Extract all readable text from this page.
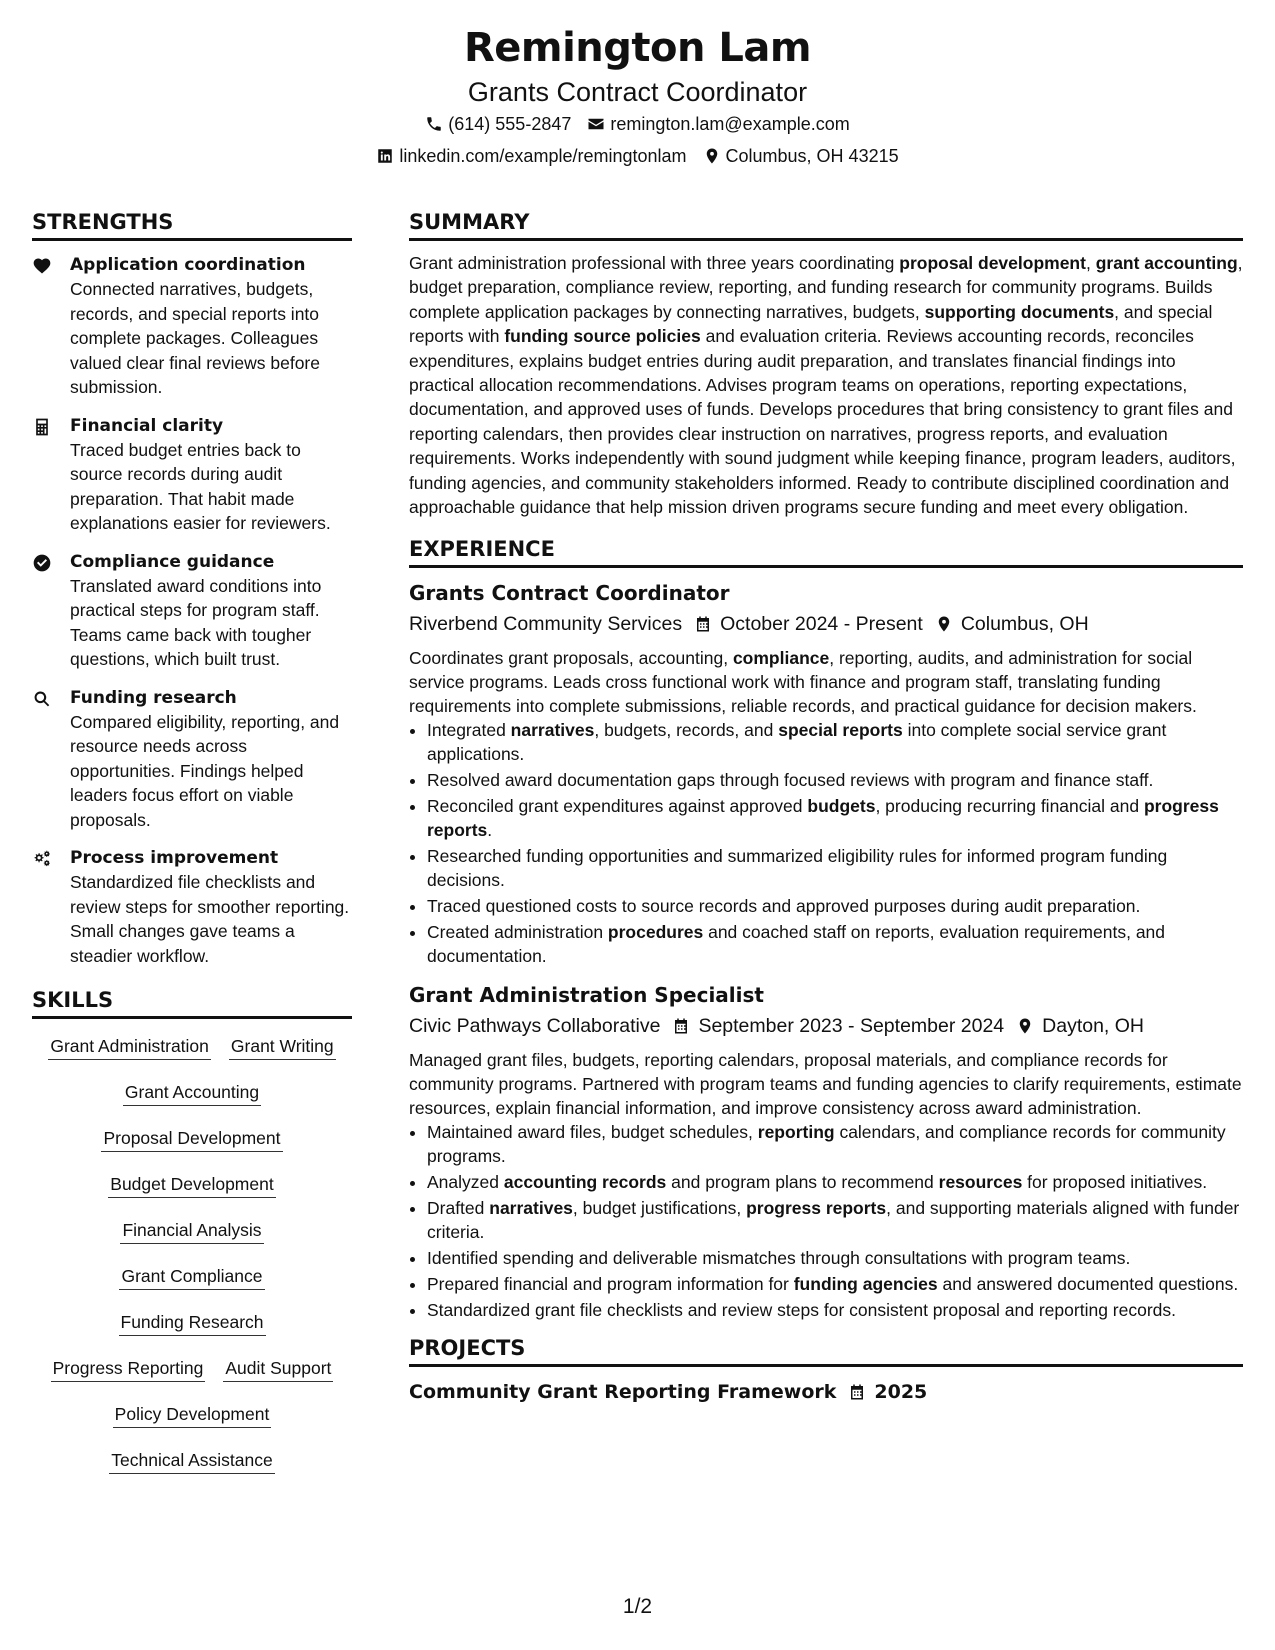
Remington Lam
Grants Contract Coordinator
(614) 555-2847 remington.lam@example.com
linkedin.com/example/remingtonlam Columbus, OH 43215
STRENGTHS
Application coordination
Connected narratives, budgets, records, and special reports into complete packages. Colleagues valued clear final reviews before submission.
Financial clarity
Traced budget entries back to source records during audit preparation. That habit made explanations easier for reviewers.
Compliance guidance
Translated award conditions into practical steps for program staff. Teams came back with tougher questions, which built trust.
Funding research
Compared eligibility, reporting, and resource needs across opportunities. Findings helped leaders focus effort on viable proposals.
Process improvement
Standardized file checklists and review steps for smoother reporting. Small changes gave teams a steadier workflow.
SKILLS
Grant Administration Grant Writing
Grant Accounting
Proposal Development
Budget Development
Financial Analysis
Grant Compliance
Funding Research
Progress Reporting Audit Support
Policy Development
Technical Assistance
SUMMARY

Grant administration professional with three years coordinating proposal development, grant accounting, budget preparation, compliance review, reporting, and funding research for community programs. Builds complete application packages by connecting narratives, budgets, supporting documents, and special reports with funding source policies and evaluation criteria. Reviews accounting records, reconciles expenditures, explains budget entries during audit preparation, and translates financial findings into practical allocation recommendations. Advises program teams on operations, reporting expectations, documentation, and approved uses of funds. Develops procedures that bring consistency to grant files and reporting calendars, then provides clear instruction on narratives, progress reports, and evaluation requirements. Works independently with sound judgment while keeping finance, program leaders, auditors, funding agencies, and community stakeholders informed. Ready to contribute disciplined coordination and approachable guidance that help mission driven programs secure funding and meet every obligation.

EXPERIENCE
Grants Contract Coordinator
Riverbend Community Services October 2024 - Present Columbus, OH

Coordinates grant proposals, accounting, compliance, reporting, audits, and administration for social service programs. Leads cross functional work with finance and program staff, translating funding requirements into complete submissions, reliable records, and practical guidance for decision makers.

• Integrated narratives, budgets, records, and special reports into complete social service grant applications.
• Resolved award documentation gaps through focused reviews with program and finance staff.
• Reconciled grant expenditures against approved budgets, producing recurring financial and progress reports.
• Researched funding opportunities and summarized eligibility rules for informed program funding decisions.
• Traced questioned costs to source records and approved purposes during audit preparation.
• Created administration procedures and coached staff on reports, evaluation requirements, and documentation.
Grant Administration Specialist
Civic Pathways Collaborative September 2023 - September 2024 Dayton, OH

Managed grant files, budgets, reporting calendars, proposal materials, and compliance records for community programs. Partnered with program teams and funding agencies to clarify requirements, estimate resources, explain financial information, and improve consistency across award administration.

• Maintained award files, budget schedules, reporting calendars, and compliance records for community programs.
• Analyzed accounting records and program plans to recommend resources for proposed initiatives.
• Drafted narratives, budget justifications, progress reports, and supporting materials aligned with funder criteria.
• Identified spending and deliverable mismatches through consultations with program teams.
• Prepared financial and program information for funding agencies and answered documented questions.
• Standardized grant file checklists and review steps for consistent proposal and reporting records.
PROJECTS
Community Grant Reporting Framework 2025
1/2
